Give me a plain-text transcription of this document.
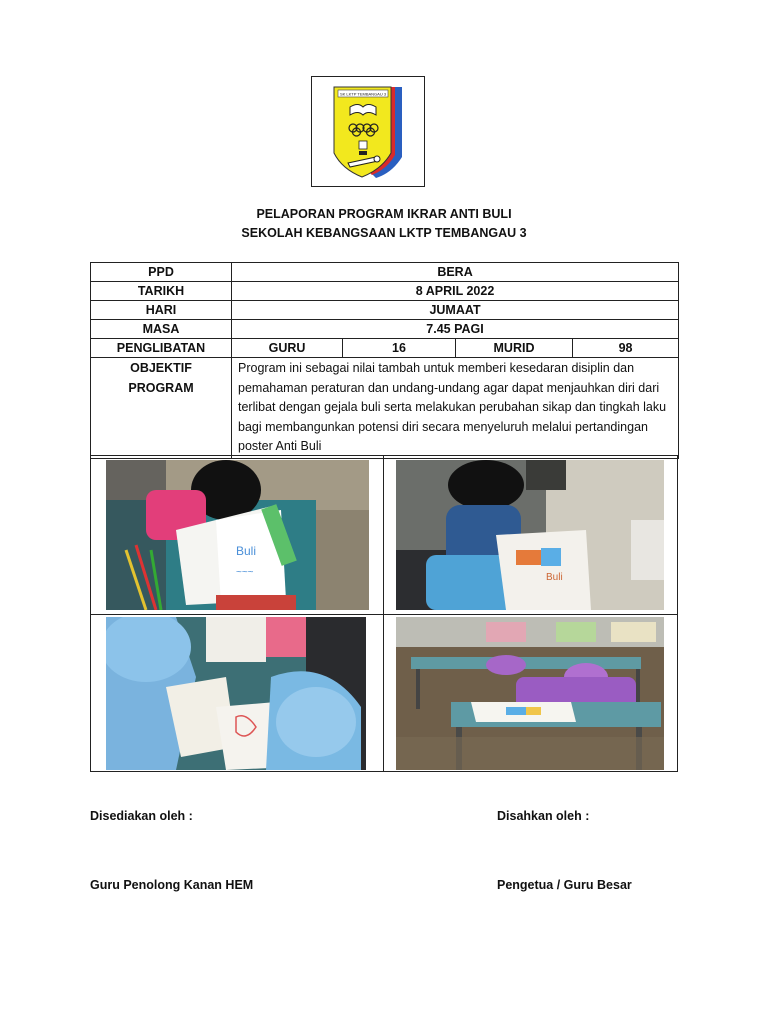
SK LKTP TEMBANGAU 3
PELAPORAN PROGRAM IKRAR ANTI BULI
SEKOLAH KEBANGSAAN LKTP TEMBANGAU 3
PPD	BERA			
TARIKH	8 APRIL 2022			
HARI	JUMAAT			
MASA	7.45 PAGI			
PENGLIBATAN	GURU	16	MURID	98

OBJEKTIF
PROGRAM	Program ini sebagai nilai tambah untuk memberi kesedaran disiplin dan pemahaman peraturan dan undang-undang agar dapat menjauhkan diri dari terlibat dengan gejala buli serta melakukan perubahan sikap dan tingkah laku bagi membangunkan potensi diri secara menyeluruh melalui pertandingan poster Anti Buli			
Buli
~~~	Buli
Disediakan oleh :	Disahkan oleh :
Guru Penolong Kanan HEM	Pengetua / Guru Besar
